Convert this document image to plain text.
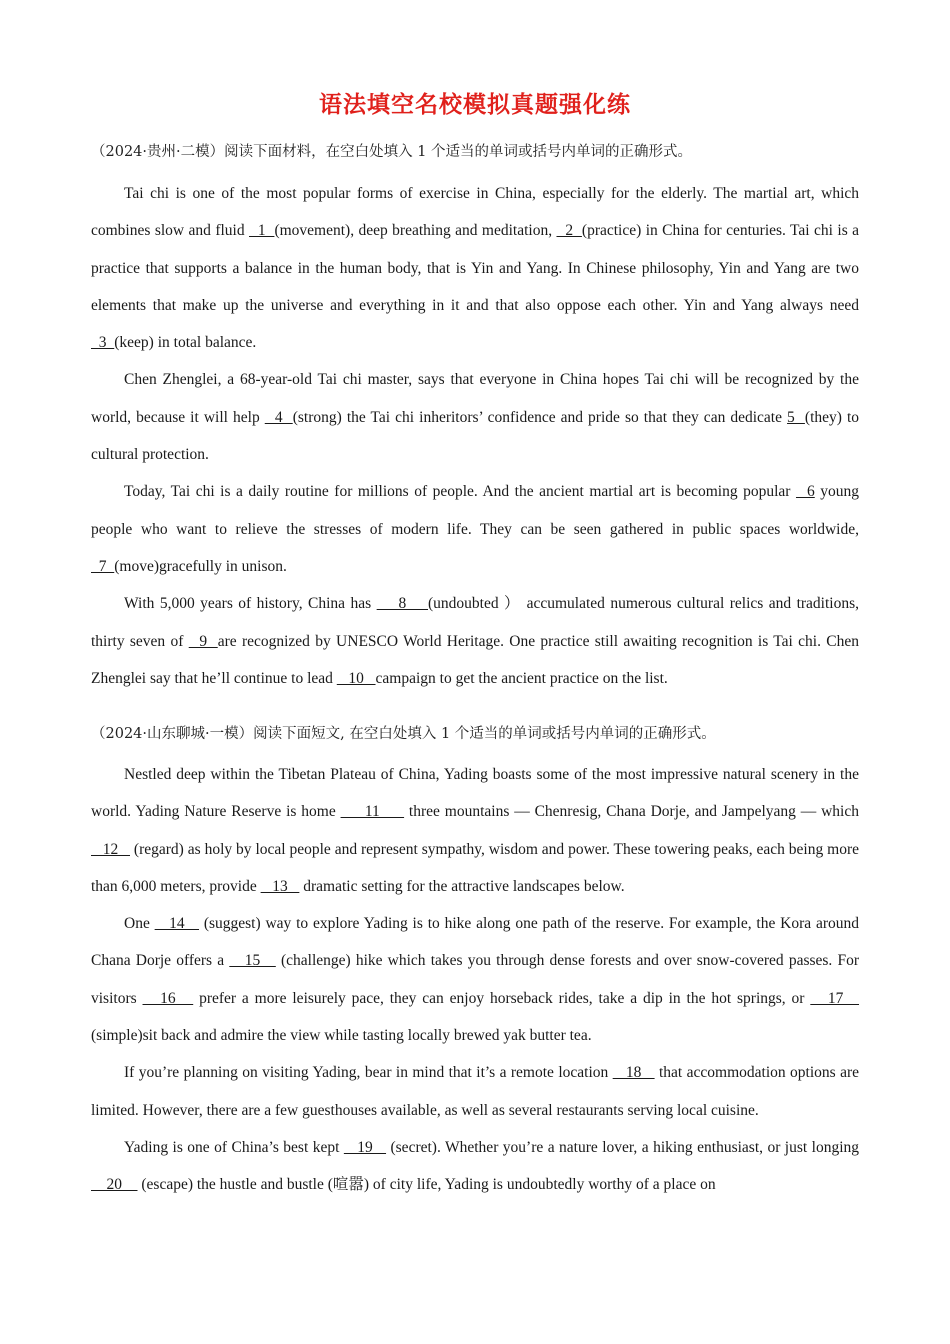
语法填空名校模拟真题强化练

（2024·贵州·二模）阅读下面材料，在空白处填入 1 个适当的单词或括号内单词的正确形式。

Tai chi is one of the most popular forms of exercise in China, especially for the elderly. The martial art, which combines slow and fluid   1  (movement), deep breathing and meditation,   2  (practice) in China for centuries. Tai chi is a practice that supports a balance in the human body, that is Yin and Yang. In Chinese philosophy, Yin and Yang are two elements that make up the universe and everything in it and that also oppose each other. Yin and Yang always need   3  (keep) in total balance.

Chen Zhenglei, a 68-year-old Tai chi master, says that everyone in China hopes Tai chi will be recognized by the world, because it will help   4  (strong) the Tai chi inheritors’ confidence and pride so that they can dedicate 5  (they) to cultural protection.

Today, Tai chi is a daily routine for millions of people. And the ancient martial art is becoming popular   6 young people who want to relieve the stresses of modern life. They can be seen gathered in public spaces worldwide,   7  (move)gracefully in unison.

With 5,000 years of history, China has     8    (undoubted ） accumulated numerous cultural relics and traditions, thirty seven of   9  are recognized by UNESCO World Heritage. One practice still awaiting recognition is Tai chi. Chen Zhenglei say that he’ll continue to lead    10   campaign to get the ancient practice on the list.

（2024·山东聊城·一模）阅读下面短文, 在空白处填入 1 个适当的单词或括号内单词的正确形式。

Nestled deep within the Tibetan Plateau of China, Yading boasts some of the most impressive natural scenery in the world. Yading Nature Reserve is home      11      three mountains — Chenresig, Chana Dorje, and Jampelyang — which    12    (regard) as holy by local people and represent sympathy, wisdom and power. These towering peaks, each being more than 6,000 meters, provide    13    dramatic setting for the attractive landscapes below.

One    14    (suggest) way to explore Yading is to hike along one path of the reserve. For example, the Kora around Chana Dorje offers a    15    (challenge) hike which takes you through dense forests and over snow-covered passes. For visitors    16    prefer a more leisurely pace, they can enjoy horseback rides, take a dip in the hot springs, or    17    (simple)sit back and admire the view while tasting locally brewed yak butter tea.

If you’re planning on visiting Yading, bear in mind that it’s a remote location    18    that accommodation options are limited. However, there are a few guesthouses available, as well as several restaurants serving local cuisine.

Yading is one of China’s best kept    19    (secret). Whether you’re a nature lover, a hiking enthusiast, or just longing     20     (escape) the hustle and bustle (喧嚣) of city life, Yading is undoubtedly worthy of a place on
